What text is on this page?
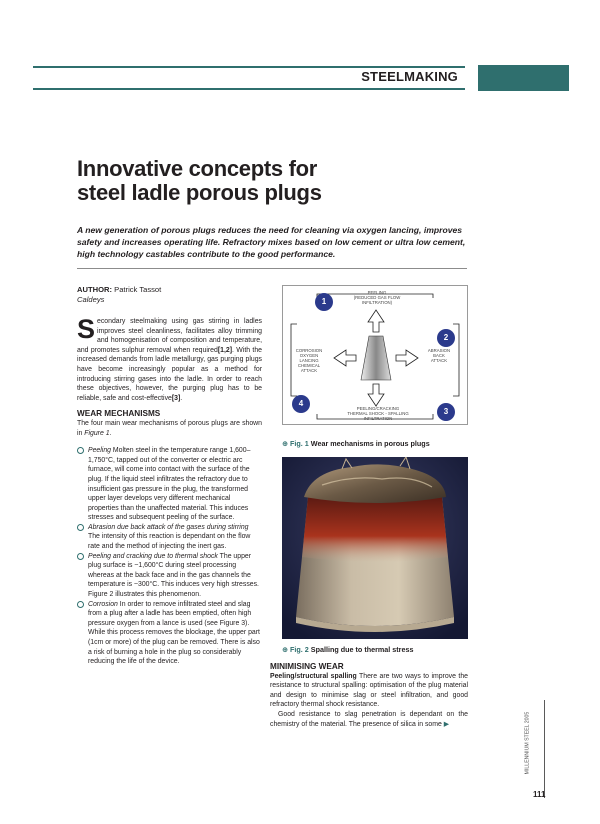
STEELMAKING
Innovative concepts for
steel ladle porous plugs
A new generation of porous plugs reduces the need for cleaning via oxygen lancing, improves safety and increases operating life. Refractory mixes based on low cement or ultra low cement, high technology castables contribute to the good performance.
AUTHOR: Patrick Tassot
Caldeys

Secondary steelmaking using gas stirring in ladles improves steel cleanliness, facilitates alloy trimming and homogenisation of composition and temperature, and promotes sulphur removal when required[1,2]. With the increased demands from ladle metallurgy, gas purging plugs have become increasingly popular as a method for introducing stirring gases into the ladle. In order to reach these objectives, however, the purging plug has to be reliable, safe and cost-effective[3].

WEAR MECHANISMS
The four main wear mechanisms of porous plugs are shown in Figure 1.
Peeling Molten steel in the temperature range 1,600–1,750°C, tapped out of the converter or electric arc furnace, will come into contact with the surface of the plug. If the liquid steel infiltrates the refractory due to insufficient gas pressure in the plug, the transformed upper layer develops very different mechanical properties than the unaffected material. This induces stresses and subsequent peeling of the surface.
Abrasion due back attack of the gases during stirring The intensity of this reaction is dependant on the flow rate and the method of injecting the inert gas.
Peeling and cracking due to thermal shock The upper plug surface is ~1,600°C during steel processing whereas at the back face and in the gas channels the temperature is ~300°C. This induces very high stresses. Figure 2 illustrates this phenomenon.
Corrosion In order to remove infiltrated steel and slag from a plug after a ladle has been emptied, often high pressure oxygen from a lance is used (see Figure 3). While this process removes the blockage, the upper part (1cm or more) of the plug can be removed. There is also a risk of burning a hole in the plug so considerably reducing the life of the device.
1
2
3
4
PEELING
(REDUCED GAS FLOW
INFILTRATION)
ABRASION
BACK
ATTACK
PEELING/CRACKING
THERMAL SHOCK - SPALLING
INFILTRATION
CORROSION
OXYGEN
LANCING
CHEMICAL
ATTACK
⊕ Fig. 1 Wear mechanisms in porous plugs
⊕ Fig. 2 Spalling due to thermal stress
MINIMISING WEAR
Peeling/structural spalling There are two ways to improve the resistance to structural spalling: optimisation of the plug material and design to minimise slag or steel infiltration, and good refractory thermal shock resistance.
Good resistance to slag penetration is dependant on the chemistry of the material. The presence of silica in some ▶	MILLENNIUM STEEL 2005
111
